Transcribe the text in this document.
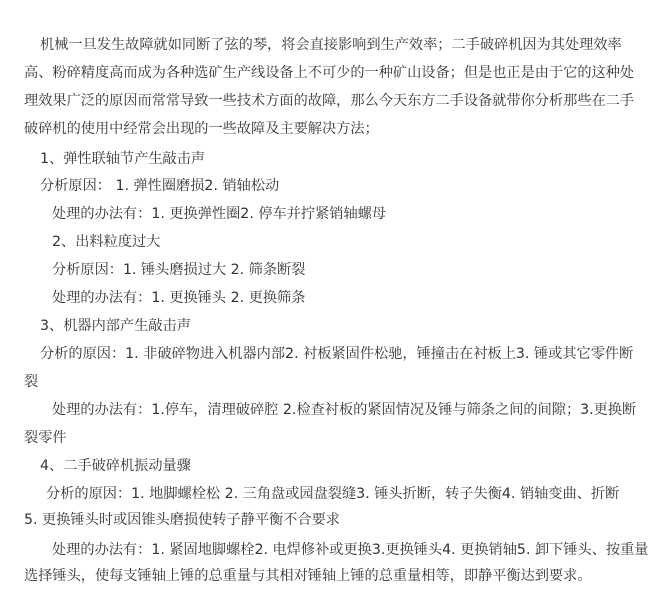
机械一旦发生故障就如同断了弦的琴，将会直接影响到生产效率；二手破碎机因为其处理效率
高、粉碎精度高而成为各种选矿生产线设备上不可少的一种矿山设备；但是也正是由于它的这种处
理效果广泛的原因而常常导致一些技术方面的故障，那么今天东方二手设备就带你分析那些在二手
破碎机的使用中经常会出现的一些故障及主要解决方法；
1、弹性联轴节产生敲击声
分析原因： 1. 弹性圈磨损2. 销轴松动
处理的办法有：1. 更换弹性圈2. 停车并拧紧销轴螺母
2、出料粒度过大
分析原因：1. 锤头磨损过大 2. 筛条断裂
处理的办法有：1. 更换锤头 2. 更换筛条
3、机器内部产生敲击声
分析的原因：1. 非破碎物进入机器内部2. 衬板紧固件松驰，锤撞击在衬板上3. 锤或其它零件断
裂
处理的办法有：1.停车，清理破碎腔 2.检查衬板的紧固情况及锤与筛条之间的间隙；3.更换断
裂零件
4、二手破碎机振动量骤
分析的原因：1. 地脚螺栓松 2. 三角盘或园盘裂缝3. 锤头折断，转子失衡4. 销轴变曲、折断
5. 更换锤头时或因锥头磨损使转子静平衡不合要求
处理的办法有：1. 紧固地脚螺栓2. 电焊修补或更换3.更换锤头4. 更换销轴5. 卸下锤头、按重量
选择锤头，使每支锤轴上锤的总重量与其相对锤轴上锤的总重量相等，即静平衡达到要求。
